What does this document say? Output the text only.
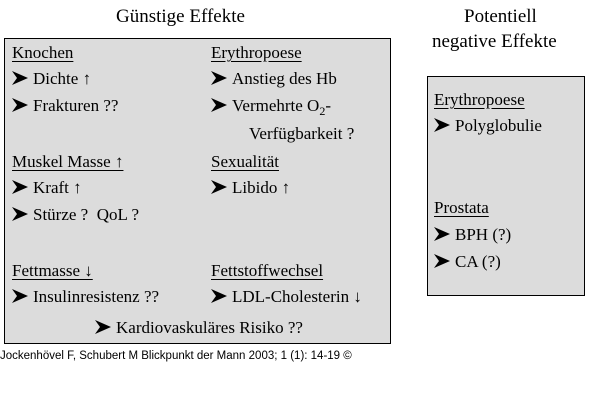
Günstige Effekte	Potentiell
negative Effekte
Knochen
Dichte ↑
Frakturen ??
Erythropoese
Anstieg des Hb
Vermehrte $O_2-$
Verfügbarkeit ?
Muskel Masse ↑
Kraft ↑
Stürze ?  QoL ?
Sexualität
Libido ↑
Fettmasse ↓
Insulinresistenz ??
Fettstoffwechsel
LDL-Cholesterin ↓
Kardiovaskuläres Risiko ??
Erythropoese
Polyglobulie
Prostata
BPH (?)
CA (?)
Jockenhövel F, Schubert M Blickpunkt der Mann 2003; 1 (1): 14-19 ©
